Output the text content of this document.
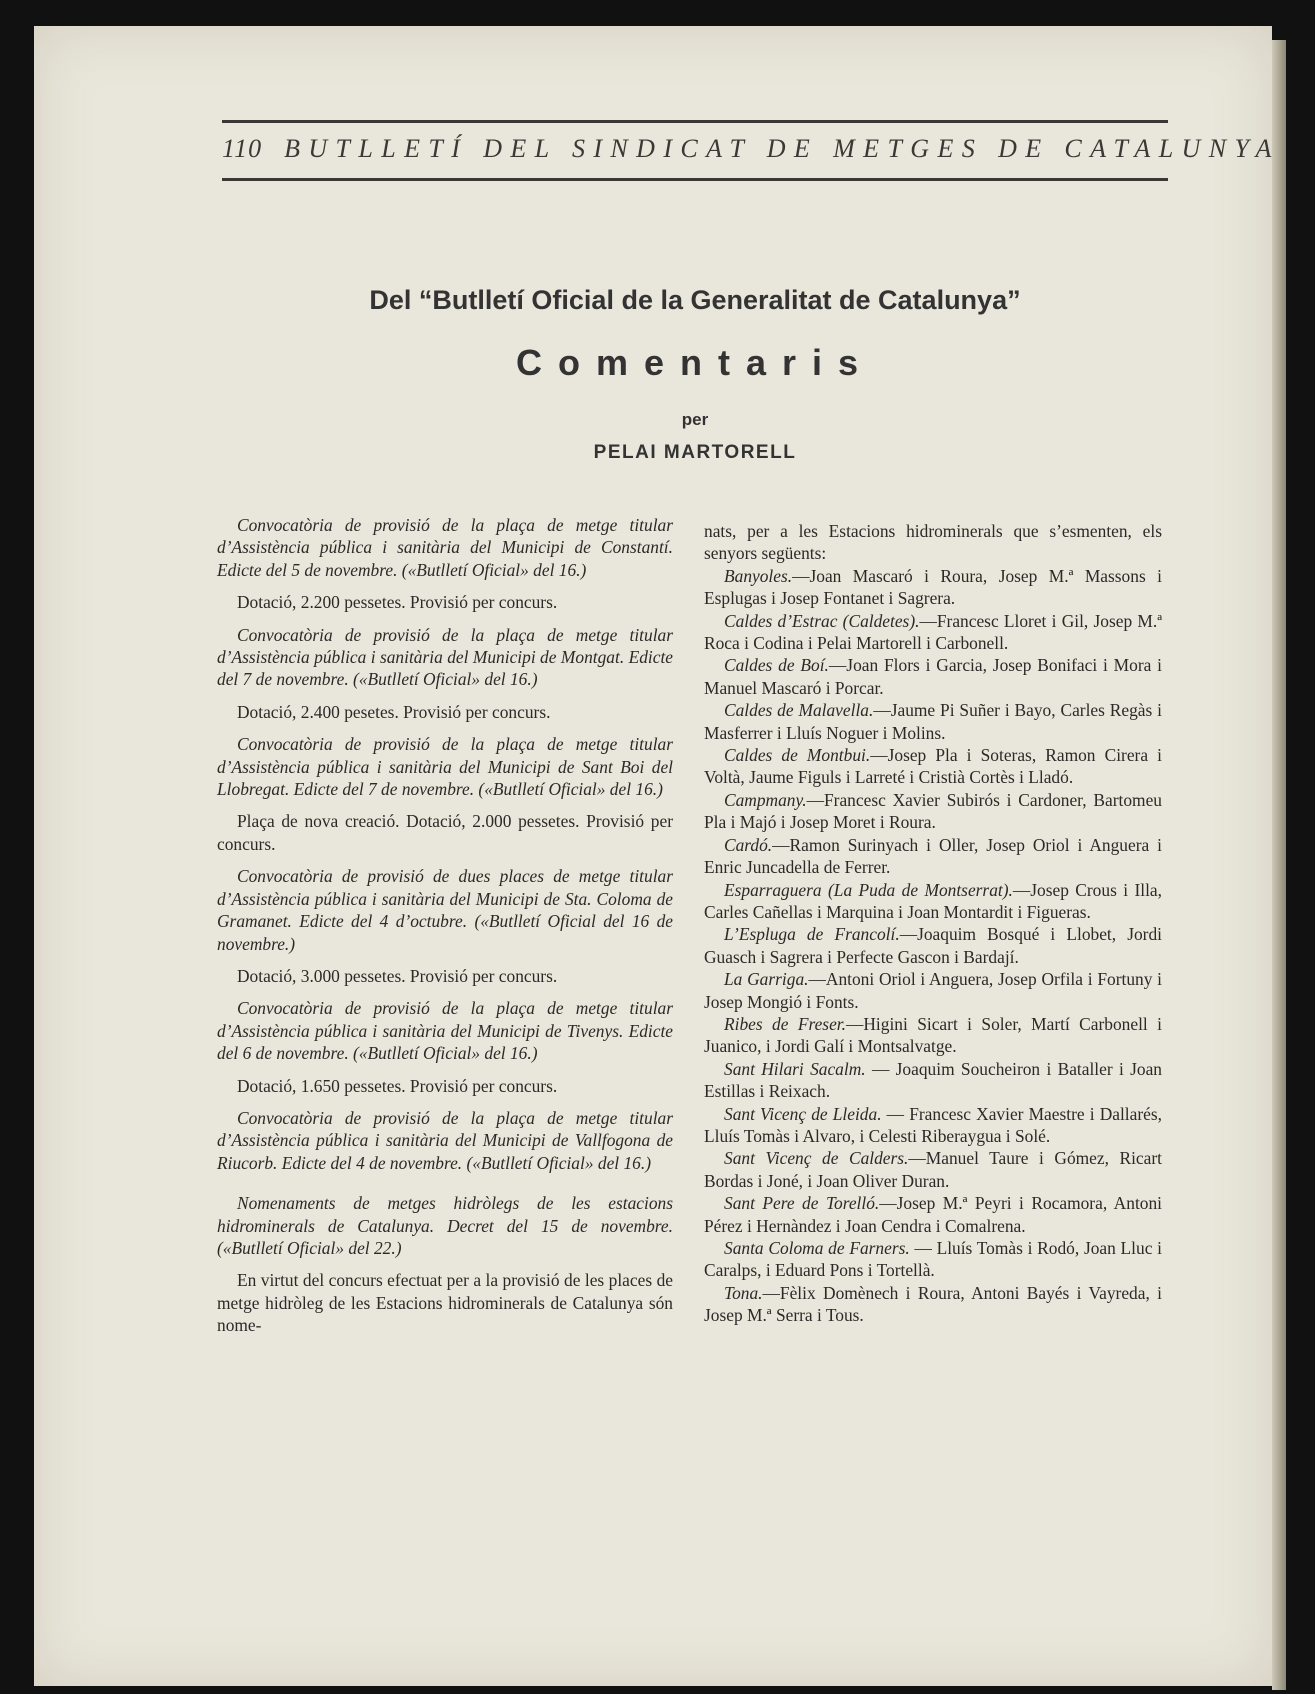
110 BUTLLETÍ DEL SINDICAT DE METGES DE CATALUNYA
Del “Butlletí Oficial de la Generalitat de Catalunya”
Comentaris
per
PELAI MARTORELL

Convocatòria de provisió de la plaça de metge titular d’Assistència pública i sanitària del Municipi de Constantí. Edicte del 5 de novembre. («Butlletí Oficial» del 16.)

Dotació, 2.200 pessetes. Provisió per concurs.

Convocatòria de provisió de la plaça de metge titular d’Assistència pública i sanitària del Municipi de Montgat. Edicte del 7 de novembre. («Butlletí Oficial» del 16.)

Dotació, 2.400 pesetes. Provisió per concurs.

Convocatòria de provisió de la plaça de metge titular d’Assistència pública i sanitària del Municipi de Sant Boi del Llobregat. Edicte del 7 de novembre. («Butlletí Oficial» del 16.)

Plaça de nova creació. Dotació, 2.000 pessetes. Provisió per concurs.

Convocatòria de provisió de dues places de metge titular d’Assistència pública i sanitària del Municipi de Sta. Coloma de Gramanet. Edicte del 4 d’octubre. («Butlletí Oficial del 16 de novembre.)

Dotació, 3.000 pessetes. Provisió per concurs.

Convocatòria de provisió de la plaça de metge titular d’Assistència pública i sanitària del Municipi de Tivenys. Edicte del 6 de novembre. («Butlletí Oficial» del 16.)

Dotació, 1.650 pessetes. Provisió per concurs.

Convocatòria de provisió de la plaça de metge titular d’Assistència pública i sanitària del Municipi de Vallfogona de Riucorb. Edicte del 4 de novembre. («Butlletí Oficial» del 16.)

Nomenaments de metges hidròlegs de les estacions hidrominerals de Catalunya. Decret del 15 de novembre. («Butlletí Oficial» del 22.)

En virtut del concurs efectuat per a la provisió de les places de metge hidròleg de les Estacions hidrominerals de Catalunya són nome-

nats, per a les Estacions hidrominerals que s’esmenten, els senyors següents:

Banyoles.—Joan Mascaró i Roura, Josep M.ª Massons i Esplugas i Josep Fontanet i Sagrera.

Caldes d’Estrac (Caldetes).—Francesc Lloret i Gil, Josep M.ª Roca i Codina i Pelai Martorell i Carbonell.

Caldes de Boí.—Joan Flors i Garcia, Josep Bonifaci i Mora i Manuel Mascaró i Porcar.

Caldes de Malavella.—Jaume Pi Suñer i Bayo, Carles Regàs i Masferrer i Lluís Noguer i Molins.

Caldes de Montbui.—Josep Pla i Soteras, Ramon Cirera i Voltà, Jaume Figuls i Larreté i Cristià Cortès i Lladó.

Campmany.—Francesc Xavier Subirós i Cardoner, Bartomeu Pla i Majó i Josep Moret i Roura.

Cardó.—Ramon Surinyach i Oller, Josep Oriol i Anguera i Enric Juncadella de Ferrer.

Esparraguera (La Puda de Montserrat).—Josep Crous i Illa, Carles Cañellas i Marquina i Joan Montardit i Figueras.

L’Espluga de Francolí.—Joaquim Bosqué i Llobet, Jordi Guasch i Sagrera i Perfecte Gascon i Bardají.

La Garriga.—Antoni Oriol i Anguera, Josep Orfila i Fortuny i Josep Mongió i Fonts.

Ribes de Freser.—Higini Sicart i Soler, Martí Carbonell i Juanico, i Jordi Galí i Montsalvatge.

Sant Hilari Sacalm. — Joaquim Soucheiron i Bataller i Joan Estillas i Reixach.

Sant Vicenç de Lleida. — Francesc Xavier Maestre i Dallarés, Lluís Tomàs i Alvaro, i Celesti Riberaygua i Solé.

Sant Vicenç de Calders.—Manuel Taure i Gómez, Ricart Bordas i Joné, i Joan Oliver Duran.

Sant Pere de Torelló.—Josep M.ª Peyri i Rocamora, Antoni Pérez i Hernàndez i Joan Cendra i Comalrena.

Santa Coloma de Farners. — Lluís Tomàs i Rodó, Joan Lluc i Caralps, i Eduard Pons i Tortellà.

Tona.—Fèlix Domènech i Roura, Antoni Bayés i Vayreda, i Josep M.ª Serra i Tous.
